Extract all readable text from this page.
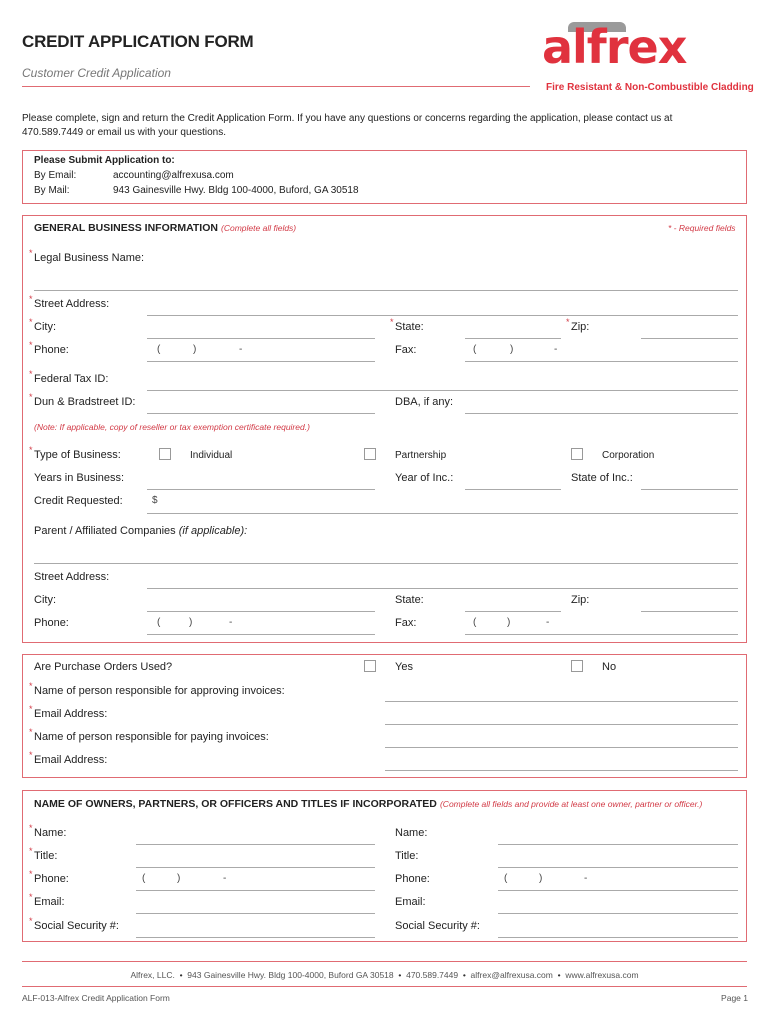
CREDIT APPLICATION FORM
Customer Credit Application	alfrex
Fire Resistant & Non-Combustible Cladding
Please complete, sign and return the Credit Application Form. If you have any questions or concerns regarding the application, please contact us at 470.589.7449 or email us with your questions.
Please Submit Application to:
By Email:	accounting@alfrexusa.com
By Mail:	943 Gainesville Hwy. Bldg 100-4000, Buford, GA 30518
GENERAL BUSINESS INFORMATION (Complete all fields)	* - Required fields
* Legal Business Name:
* Street Address:
* City:	* State:	* Zip:
* Phone:	(	)	-	Fax:	(	)	-
* Federal Tax ID:
* Dun & Bradstreet ID:	DBA, if any:
(Note: If applicable, copy of reseller or tax exemption certificate required.)
* Type of Business:	Individual	Partnership	Corporation
Years in Business:	Year of Inc.:	State of Inc.:
Credit Requested:	$
Parent / Affiliated Companies (if applicable):
Street Address:
City:	State:	Zip:
Phone:	(	)	-	Fax:	(	)	-
Are Purchase Orders Used?	Yes	No
* Name of person responsible for approving invoices:
* Email Address:
* Name of person responsible for paying invoices:
* Email Address:
NAME OF OWNERS, PARTNERS, OR OFFICERS AND TITLES IF INCORPORATED (Complete all fields and provide at least one owner, partner or officer.)
* Name:	Name:
* Title:	Title:
* Phone:	(	)	-	Phone:	(	)	-
* Email:	Email:
* Social Security #:	Social Security #:
Alfrex, LLC. • 943 Gainesville Hwy. Bldg 100-4000, Buford GA 30518 • 470.589.7449 • alfrex@alfrexusa.com • www.alfrexusa.com
ALF-013-Alfrex Credit Application Form	Page 1
